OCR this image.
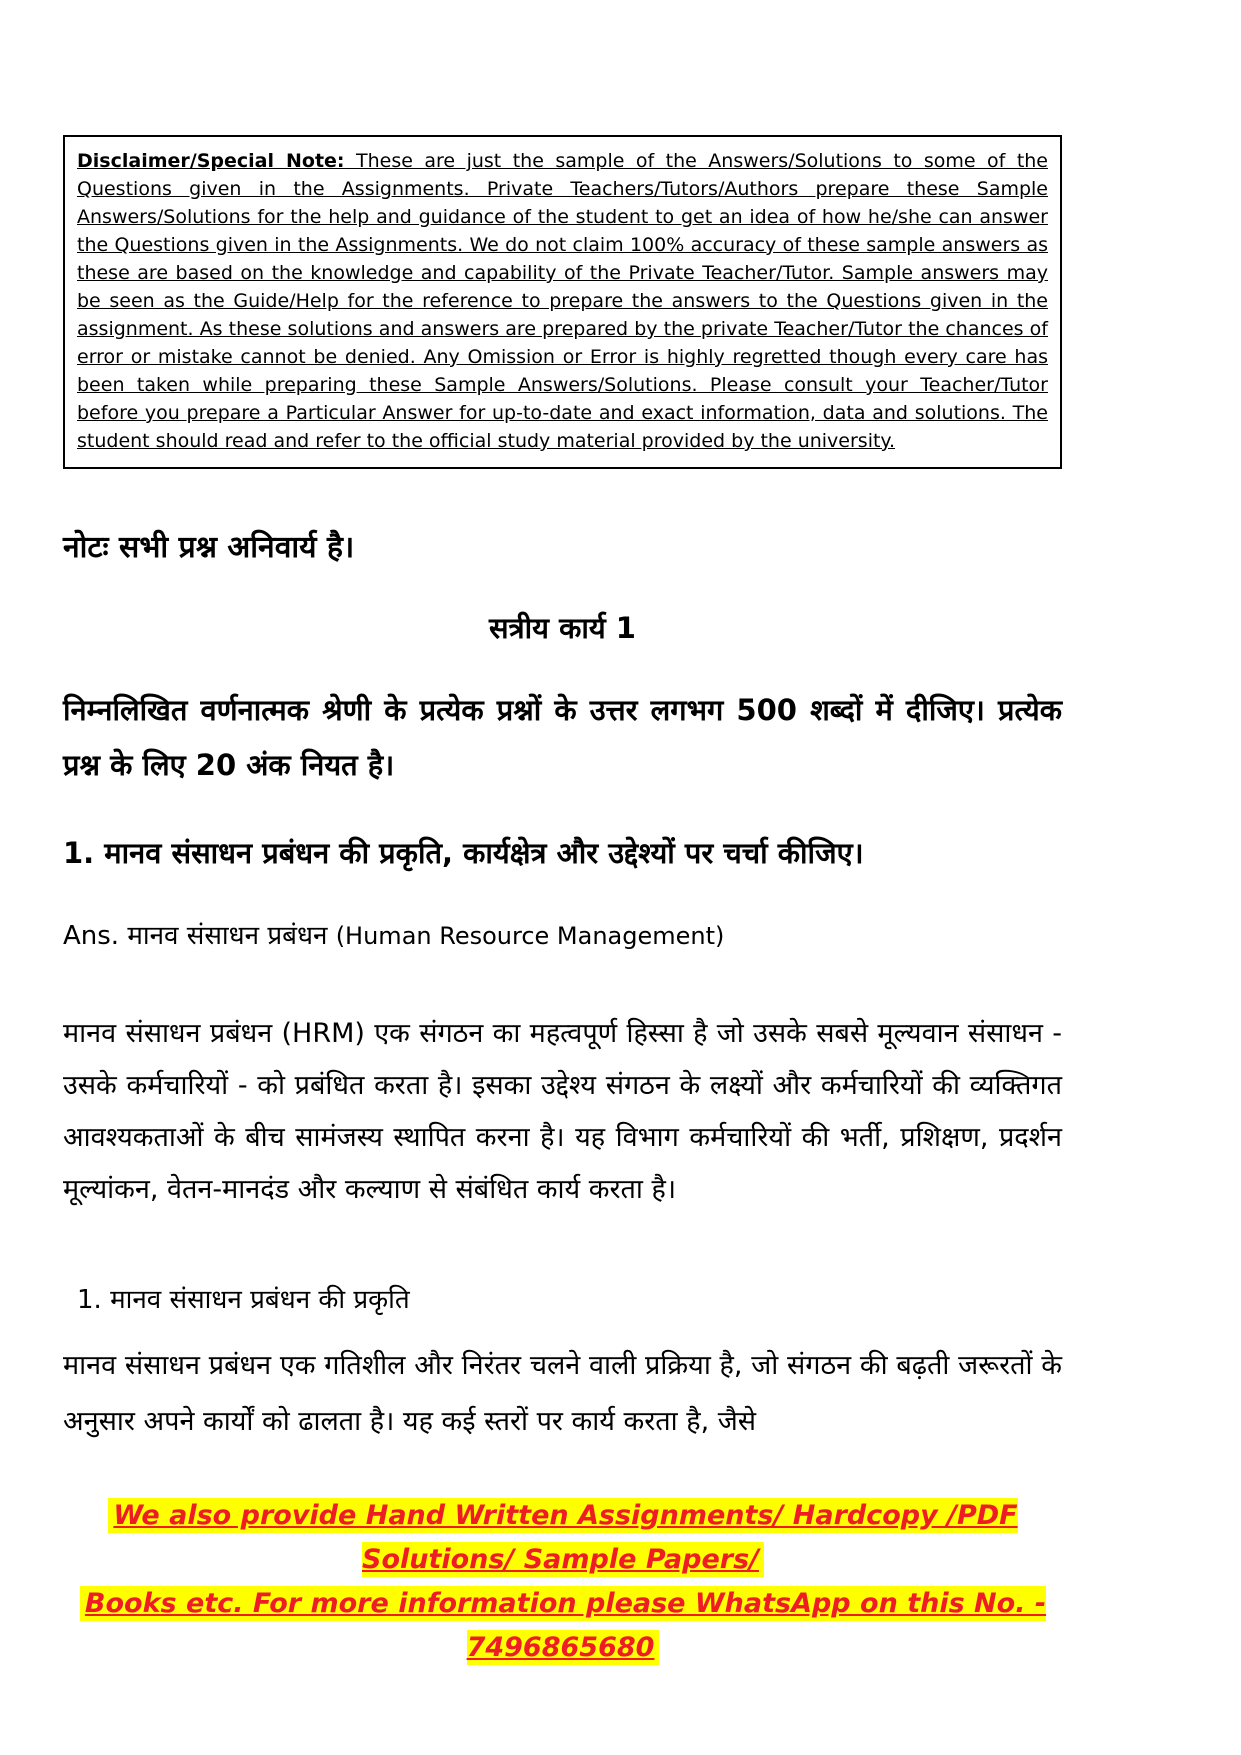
Disclaimer/Special Note: These are just the sample of the Answers/Solutions to some of the Questions given in the Assignments. Private Teachers/Tutors/Authors prepare these Sample Answers/Solutions for the help and guidance of the student to get an idea of how he/she can answer the Questions given in the Assignments. We do not claim 100% accuracy of these sample answers as these are based on the knowledge and capability of the Private Teacher/Tutor. Sample answers may be seen as the Guide/Help for the reference to prepare the answers to the Questions given in the assignment. As these solutions and answers are prepared by the private Teacher/Tutor the chances of error or mistake cannot be denied. Any Omission or Error is highly regretted though every care has been taken while preparing these Sample Answers/Solutions. Please consult your Teacher/Tutor before you prepare a Particular Answer for up-to-date and exact information, data and solutions. The student should read and refer to the official study material provided by the university.

नोटः सभी प्रश्न अनिवार्य है।
सत्रीय कार्य 1

निम्नलिखित वर्णनात्मक श्रेणी के प्रत्येक प्रश्नों के उत्तर लगभग 500 शब्दों में दीजिए। प्रत्येक प्रश्न के लिए 20 अंक नियत है।

1. मानव संसाधन प्रबंधन की प्रकृति, कार्यक्षेत्र और उद्देश्यों पर चर्चा कीजिए।

Ans. मानव संसाधन प्रबंधन (Human Resource Management)

मानव संसाधन प्रबंधन (HRM) एक संगठन का महत्वपूर्ण हिस्सा है जो उसके सबसे मूल्यवान संसाधन - उसके कर्मचारियों - को प्रबंधित करता है। इसका उद्देश्य संगठन के लक्ष्यों और कर्मचारियों की व्यक्तिगत आवश्यकताओं के बीच सामंजस्य स्थापित करना है। यह विभाग कर्मचारियों की भर्ती, प्रशिक्षण, प्रदर्शन मूल्यांकन, वेतन-मानदंड और कल्याण से संबंधित कार्य करता है।

1. मानव संसाधन प्रबंधन की प्रकृति

मानव संसाधन प्रबंधन एक गतिशील और निरंतर चलने वाली प्रक्रिया है, जो संगठन की बढ़ती जरूरतों के अनुसार अपने कार्यों को ढालता है। यह कई स्तरों पर कार्य करता है, जैसे

We also provide Hand Written Assignments/ Hardcopy /PDF Solutions/ Sample Papers/
Books etc. For more information please WhatsApp on this No. - 7496865680
